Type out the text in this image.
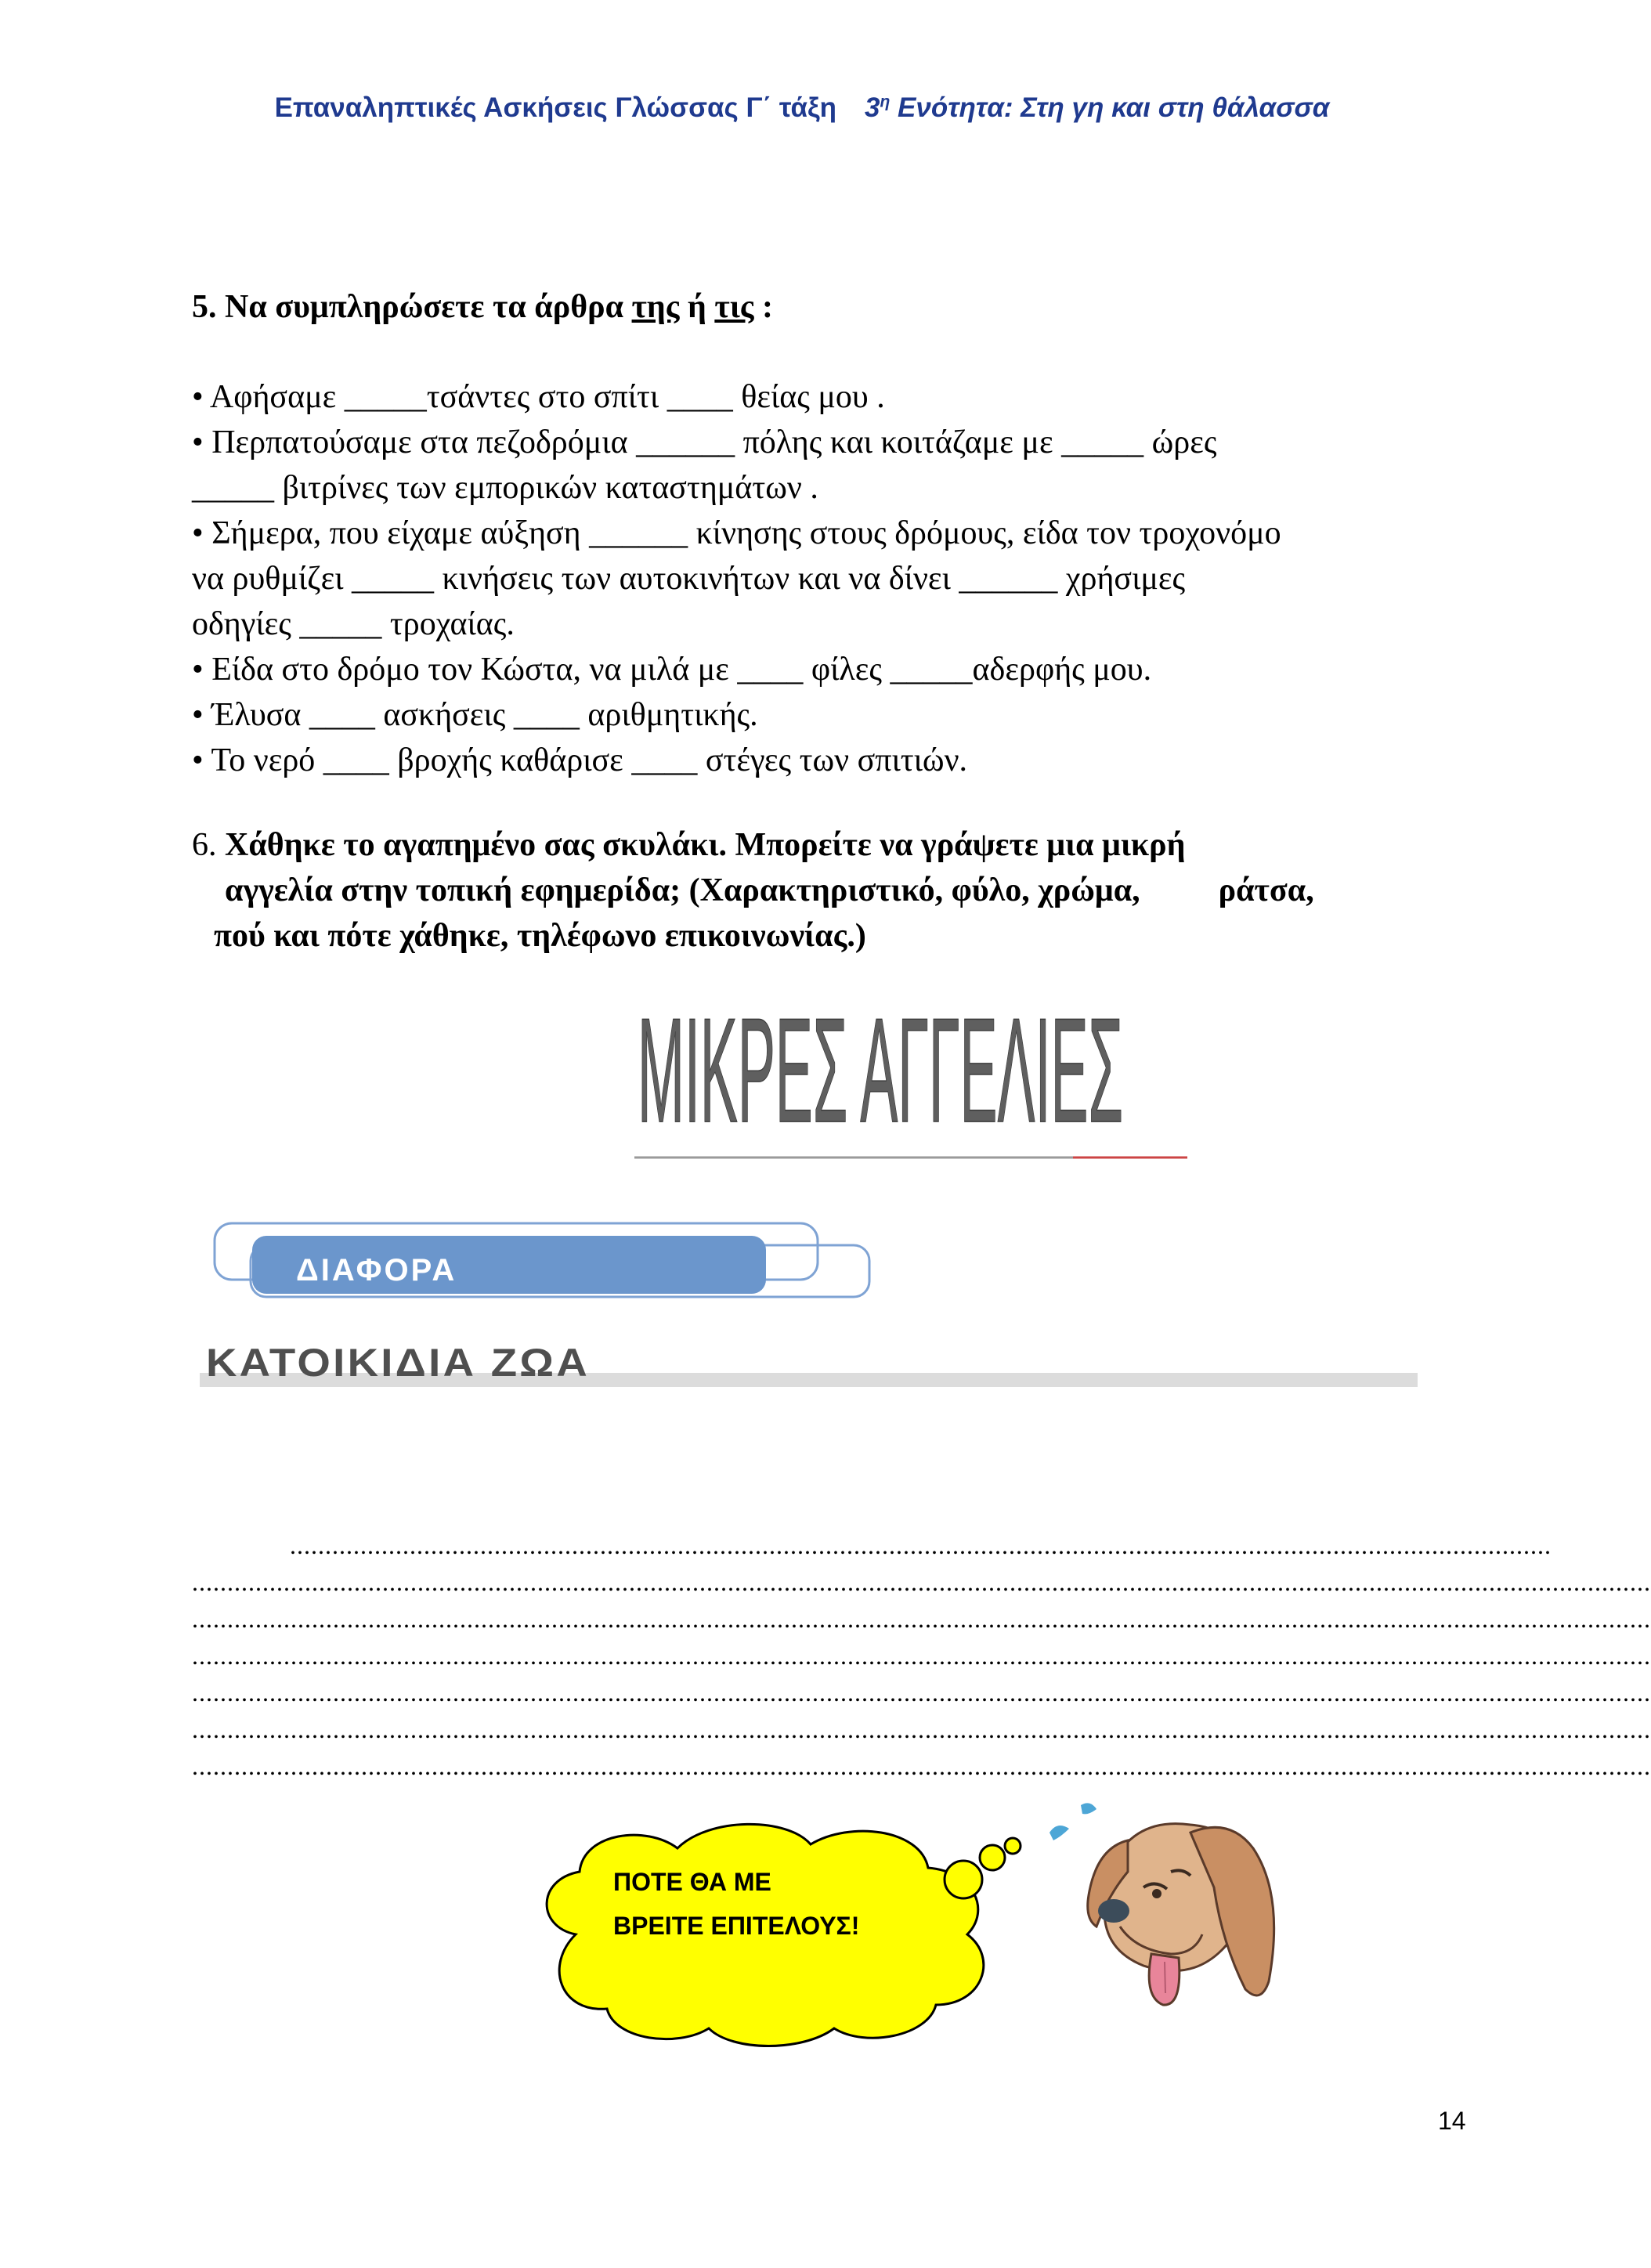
Επαναληπτικές Ασκήσεις Γλώσσας Γ΄ τάξη $3^\eta$ Ενότητα: Στη γη και στη θάλασσα
5. Να συμπληρώσετε τα άρθρα της ή τις :

• Αφήσαμε _____τσάντες στο σπίτι ____ θείας μου .

• Περπατούσαμε στα πεζοδρόμια ______ πόλης και κοιτάζαμε με _____ ώρες

_____ βιτρίνες των εμπορικών καταστημάτων .

• Σήμερα, που είχαμε αύξηση ______ κίνησης στους δρόμους, είδα τον τροχονόμο

να ρυθμίζει _____ κινήσεις των αυτοκινήτων και να δίνει ______ χρήσιμες

οδηγίες _____ τροχαίας.

• Είδα στο δρόμο τον Κώστα, να μιλά με ____ φίλες _____αδερφής μου.

• Έλυσα ____ ασκήσεις ____ αριθμητικής.

• Το νερό ____ βροχής καθάρισε ____ στέγες των σπιτιών.

6. Χάθηκε το αγαπημένο σας σκυλάκι. Μπορείτε να γράψετε μια μικρή

αγγελία στην τοπική εφημερίδα; (Χαρακτηριστικό, φύλο, χρώμα, ράτσα,

πού και πότε χάθηκε, τηλέφωνο επικοινωνίας.)

ΜΙΚΡΕΣ ΑΓΓΕΛΙΕΣ
ΔΙΑΦΟΡΑ
ΚΑΤΟΙΚΙΔΙΑ ΖΩΑ
...................................................................................................................................................................................
...............................................................................................................................................................................................................
...............................................................................................................................................................................................................
...............................................................................................................................................................................................................
...............................................................................................................................................................................................................
...............................................................................................................................................................................................................
...............................................................................................................................................................................................................
ΠΟΤΕ ΘΑ ΜΕ
ΒΡΕΙΤΕ ΕΠΙΤΕΛΟΥΣ!
14
